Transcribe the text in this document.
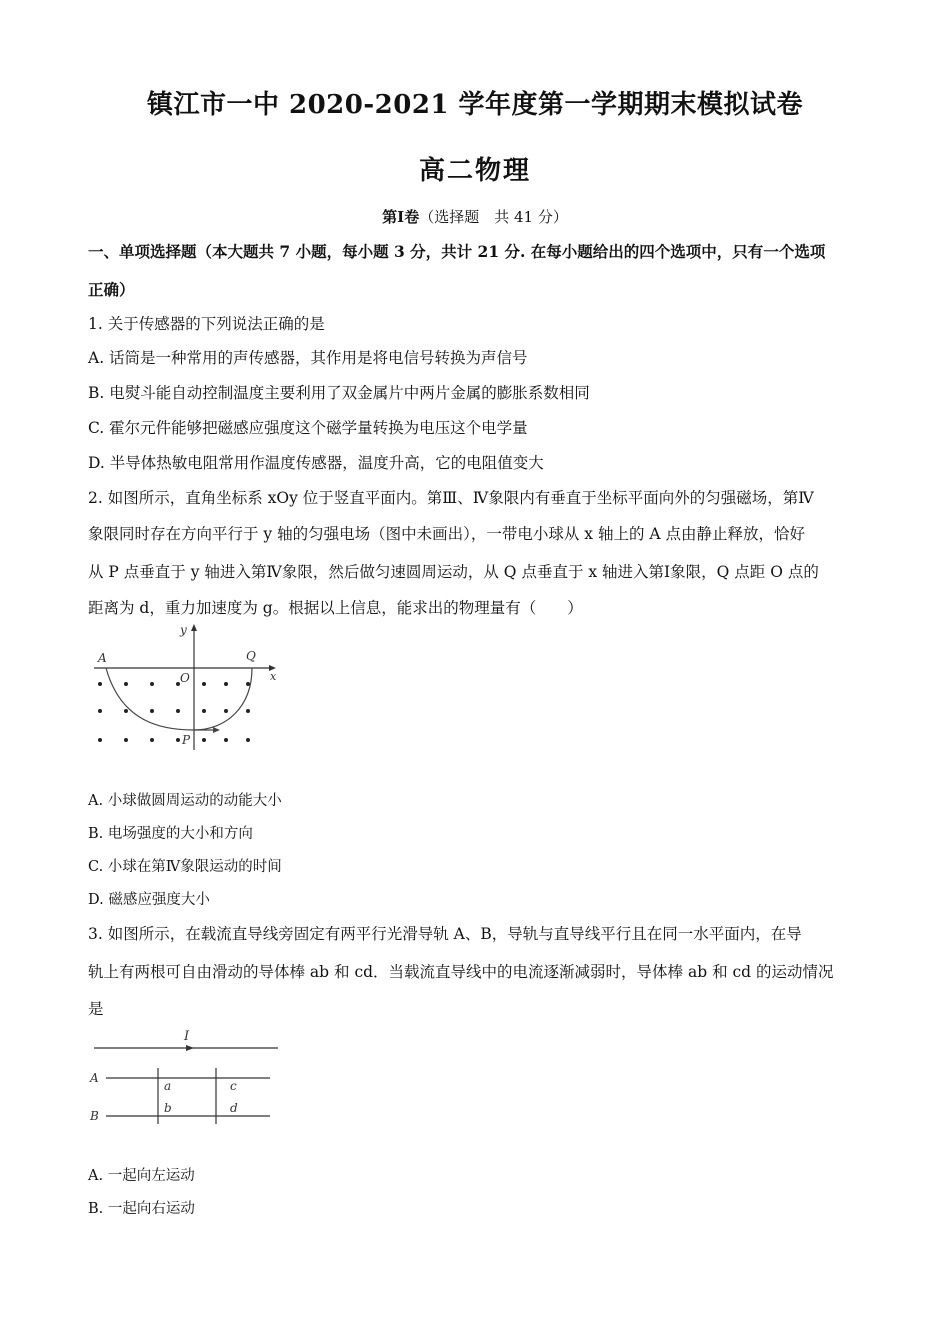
镇江市一中 2020-2021 学年度第一学期期末模拟试卷
高二物理
第Ⅰ卷（选择题　共 41 分）
一、单项选择题（本大题共 7 小题，每小题 3 分，共计 21 分. 在每小题给出的四个选项中，只有一个选项
正确）
1. 关于传感器的下列说法正确的是
A. 话筒是一种常用的声传感器，其作用是将电信号转换为声信号
B. 电熨斗能自动控制温度主要利用了双金属片中两片金属的膨胀系数相同
C. 霍尔元件能够把磁感应强度这个磁学量转换为电压这个电学量
D. 半导体热敏电阻常用作温度传感器，温度升高，它的电阻值变大
2. 如图所示，直角坐标系 xOy 位于竖直平面内。第Ⅲ、Ⅳ象限内有垂直于坐标平面向外的匀强磁场，第Ⅳ
象限同时存在方向平行于 y 轴的匀强电场（图中未画出），一带电小球从 x 轴上的 A 点由静止释放，恰好
从 P 点垂直于 y 轴进入第Ⅳ象限，然后做匀速圆周运动，从 Q 点垂直于 x 轴进入第Ⅰ象限，Q 点距 O 点的
距离为 d，重力加速度为 g。根据以上信息，能求出的物理量有（　　）
y
x
A	Q
O
P
A. 小球做圆周运动的动能大小
B. 电场强度的大小和方向
C. 小球在第Ⅳ象限运动的时间
D. 磁感应强度大小
3. 如图所示，在载流直导线旁固定有两平行光滑导轨 A、B，导轨与直导线平行且在同一水平面内，在导
轨上有两根可自由滑动的导体棒 ab 和 cd．当载流直导线中的电流逐渐减弱时，导体棒 ab 和 cd 的运动情况
是
I
A
B
a
b
c
d
A. 一起向左运动
B. 一起向右运动
